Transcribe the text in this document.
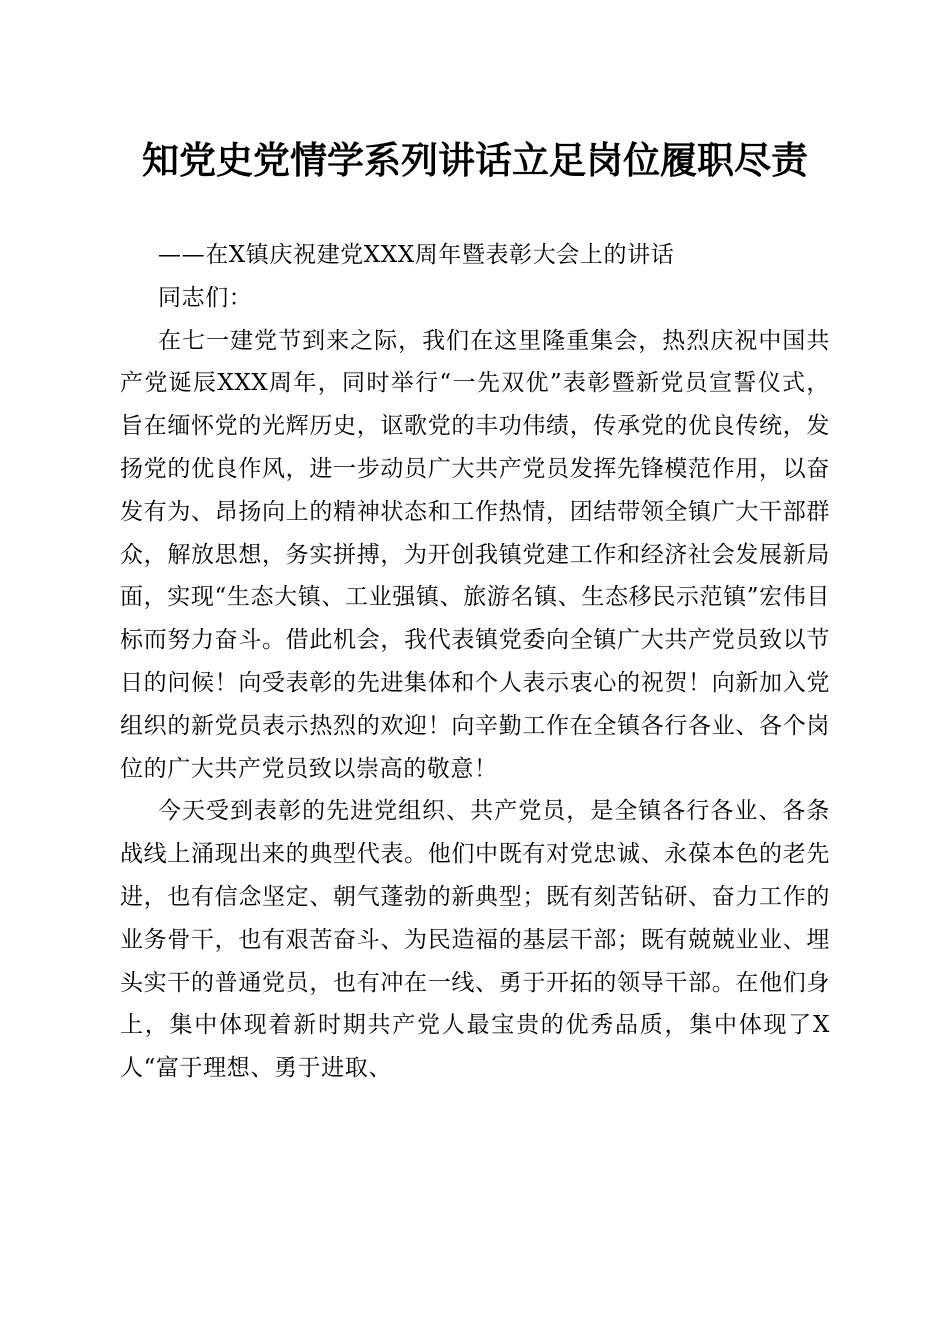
知党史党情学系列讲话立足岗位履职尽责

——在X镇庆祝建党XXX周年暨表彰大会上的讲话

同志们：

在七一建党节到来之际，我们在这里隆重集会，热烈庆祝中国共产党诞辰XXX周年，同时举行“一先双优”表彰暨新党员宣誓仪式，旨在缅怀党的光辉历史，讴歌党的丰功伟绩，传承党的优良传统，发扬党的优良作风，进一步动员广大共产党员发挥先锋模范作用，以奋发有为、昂扬向上的精神状态和工作热情，团结带领全镇广大干部群众，解放思想，务实拼搏，为开创我镇党建工作和经济社会发展新局面，实现“生态大镇、工业强镇、旅游名镇、生态移民示范镇”宏伟目标而努力奋斗。借此机会，我代表镇党委向全镇广大共产党员致以节日的问候！向受表彰的先进集体和个人表示衷心的祝贺！向新加入党组织的新党员表示热烈的欢迎！向辛勤工作在全镇各行各业、各个岗位的广大共产党员致以崇高的敬意！

今天受到表彰的先进党组织、共产党员，是全镇各行各业、各条战线上涌现出来的典型代表。他们中既有对党忠诚、永葆本色的老先进，也有信念坚定、朝气蓬勃的新典型；既有刻苦钻研、奋力工作的业务骨干，也有艰苦奋斗、为民造福的基层干部；既有兢兢业业、埋头实干的普通党员，也有冲在一线、勇于开拓的领导干部。在他们身上，集中体现着新时期共产党人最宝贵的优秀品质，集中体现了X人“富于理想、勇于进取、
